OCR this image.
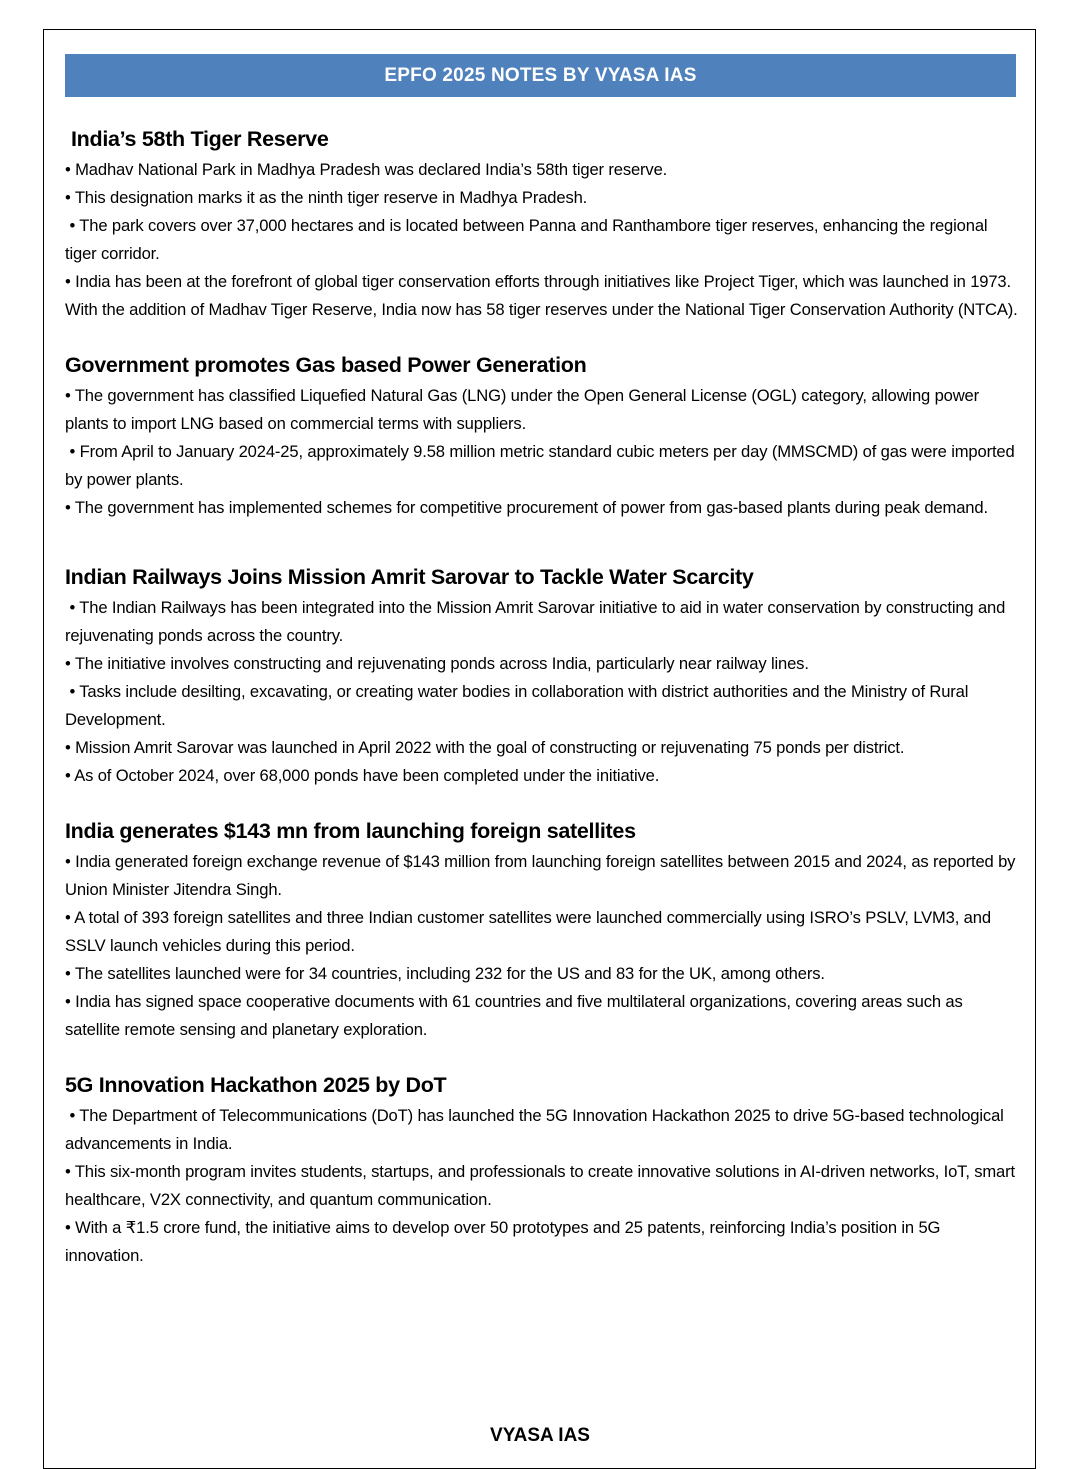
EPFO 2025 NOTES BY VYASA IAS
India’s 58th Tiger Reserve

• Madhav National Park in Madhya Pradesh was declared India’s 58th tiger reserve.

• This designation marks it as the ninth tiger reserve in Madhya Pradesh.

• The park covers over 37,000 hectares and is located between Panna and Ranthambore tiger reserves, enhancing the regional tiger corridor.

• India has been at the forefront of global tiger conservation efforts through initiatives like Project Tiger, which was launched in 1973. With the addition of Madhav Tiger Reserve, India now has 58 tiger reserves under the National Tiger Conservation Authority (NTCA).

Government promotes Gas based Power Generation

• The government has classified Liquefied Natural Gas (LNG) under the Open General License (OGL) category, allowing power plants to import LNG based on commercial terms with suppliers.

• From April to January 2024-25, approximately 9.58 million metric standard cubic meters per day (MMSCMD) of gas were imported by power plants.

• The government has implemented schemes for competitive procurement of power from gas-based plants during peak demand.

Indian Railways Joins Mission Amrit Sarovar to Tackle Water Scarcity

• The Indian Railways has been integrated into the Mission Amrit Sarovar initiative to aid in water conservation by constructing and rejuvenating ponds across the country.

• The initiative involves constructing and rejuvenating ponds across India, particularly near railway lines.

• Tasks include desilting, excavating, or creating water bodies in collaboration with district authorities and the Ministry of Rural Development.

• Mission Amrit Sarovar was launched in April 2022 with the goal of constructing or rejuvenating 75 ponds per district.

• As of October 2024, over 68,000 ponds have been completed under the initiative.

India generates $143 mn from launching foreign satellites

• India generated foreign exchange revenue of $143 million from launching foreign satellites between 2015 and 2024, as reported by Union Minister Jitendra Singh.

• A total of 393 foreign satellites and three Indian customer satellites were launched commercially using ISRO’s PSLV, LVM3, and SSLV launch vehicles during this period.

• The satellites launched were for 34 countries, including 232 for the US and 83 for the UK, among others.

• India has signed space cooperative documents with 61 countries and five multilateral organizations, covering areas such as satellite remote sensing and planetary exploration.

5G Innovation Hackathon 2025 by DoT

• The Department of Telecommunications (DoT) has launched the 5G Innovation Hackathon 2025 to drive 5G-based technological advancements in India.

• This six-month program invites students, startups, and professionals to create innovative solutions in AI-driven networks, IoT, smart healthcare, V2X connectivity, and quantum communication.

• With a ₹1.5 crore fund, the initiative aims to develop over 50 prototypes and 25 patents, reinforcing India’s position in 5G innovation.

VYASA IAS
